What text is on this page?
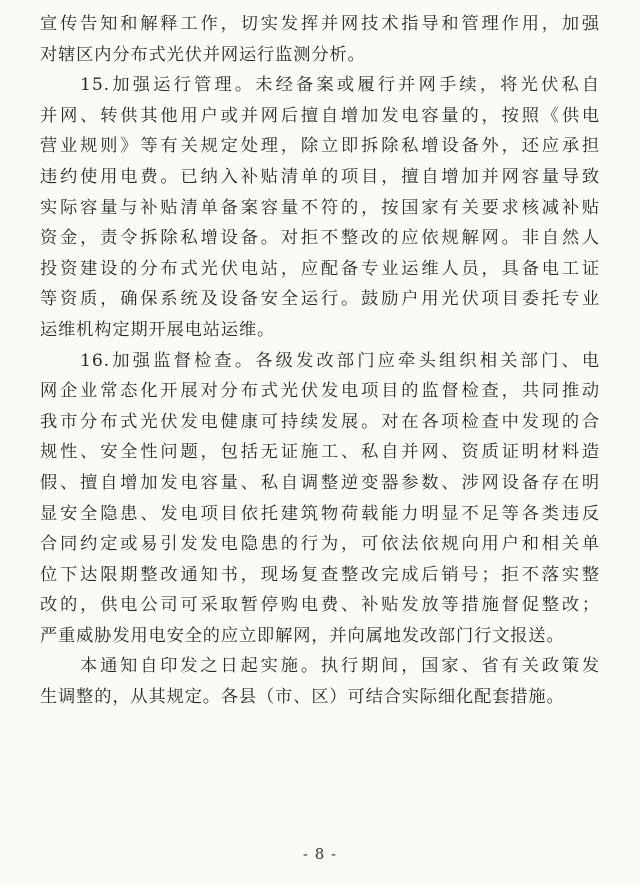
宣传告知和解释工作，切实发挥并网技术指导和管理作用，加强
对辖区内分布式光伏并网运行监测分析。
15.加强运行管理。未经备案或履行并网手续，将光伏私自
并网、转供其他用户或并网后擅自增加发电容量的，按照《供电
营业规则》等有关规定处理，除立即拆除私增设备外，还应承担
违约使用电费。已纳入补贴清单的项目，擅自增加并网容量导致
实际容量与补贴清单备案容量不符的，按国家有关要求核减补贴
资金，责令拆除私增设备。对拒不整改的应依规解网。非自然人
投资建设的分布式光伏电站，应配备专业运维人员，具备电工证
等资质，确保系统及设备安全运行。鼓励户用光伏项目委托专业
运维机构定期开展电站运维。
16.加强监督检查。各级发改部门应牵头组织相关部门、电
网企业常态化开展对分布式光伏发电项目的监督检查，共同推动
我市分布式光伏发电健康可持续发展。对在各项检查中发现的合
规性、安全性问题，包括无证施工、私自并网、资质证明材料造
假、擅自增加发电容量、私自调整逆变器参数、涉网设备存在明
显安全隐患、发电项目依托建筑物荷载能力明显不足等各类违反
合同约定或易引发发电隐患的行为，可依法依规向用户和相关单
位下达限期整改通知书，现场复查整改完成后销号；拒不落实整
改的，供电公司可采取暂停购电费、补贴发放等措施督促整改；
严重威胁发用电安全的应立即解网，并向属地发改部门行文报送。
本通知自印发之日起实施。执行期间，国家、省有关政策发
生调整的，从其规定。各县（市、区）可结合实际细化配套措施。
- 8 -
